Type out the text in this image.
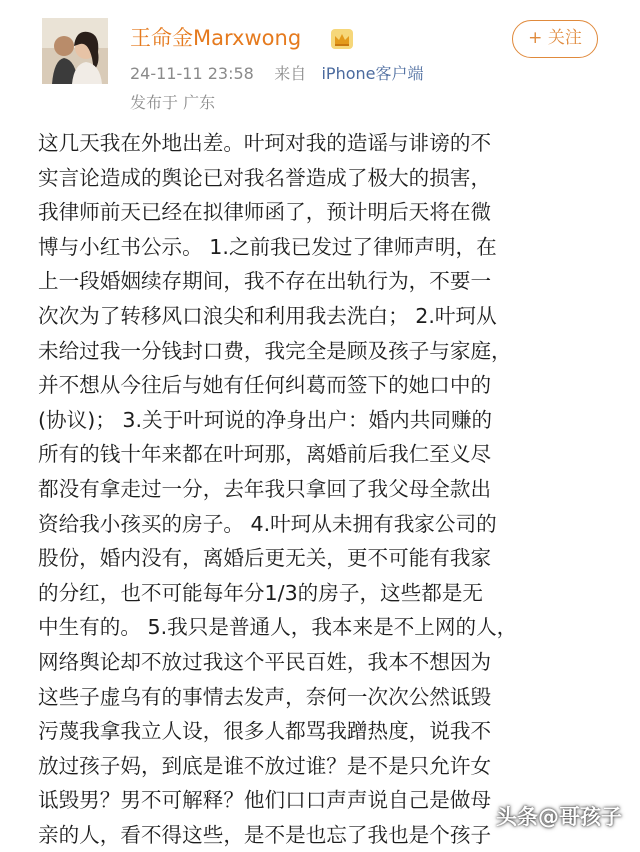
王命金Marxwong
24-11-11 23:58 来自 iPhone客户端
发布于 广东
+ 关注
这几天我在外地出差。叶珂对我的造谣与诽谤的不
实言论造成的舆论已对我名誉造成了极大的损害，
我律师前天已经在拟律师函了，预计明后天将在微
博与小红书公示。 1.之前我已发过了律师声明，在
上一段婚姻续存期间，我不存在出轨行为，不要一
次次为了转移风口浪尖和利用我去洗白； 2.叶珂从
未给过我一分钱封口费，我完全是顾及孩子与家庭，
并不想从今往后与她有任何纠葛而签下的她口中的
(协议)； 3.关于叶珂说的净身出户：婚内共同赚的
所有的钱十年来都在叶珂那，离婚前后我仁至义尽
都没有拿走过一分，去年我只拿回了我父母全款出
资给我小孩买的房子。 4.叶珂从未拥有我家公司的
股份，婚内没有，离婚后更无关，更不可能有我家
的分红，也不可能每年分1/3的房子，这些都是无
中生有的。 5.我只是普通人，我本来是不上网的人，
网络舆论却不放过我这个平民百姓，我本不想因为
这些子虚乌有的事情去发声，奈何一次次公然诋毁
污蔑我拿我立人设，很多人都骂我蹭热度，说我不
放过孩子妈，到底是谁不放过谁？是不是只允许女
诋毁男？男不可解释？他们口口声声说自己是做母
亲的人，看不得这些，是不是也忘了我也是个孩子
头条@哥孩子
